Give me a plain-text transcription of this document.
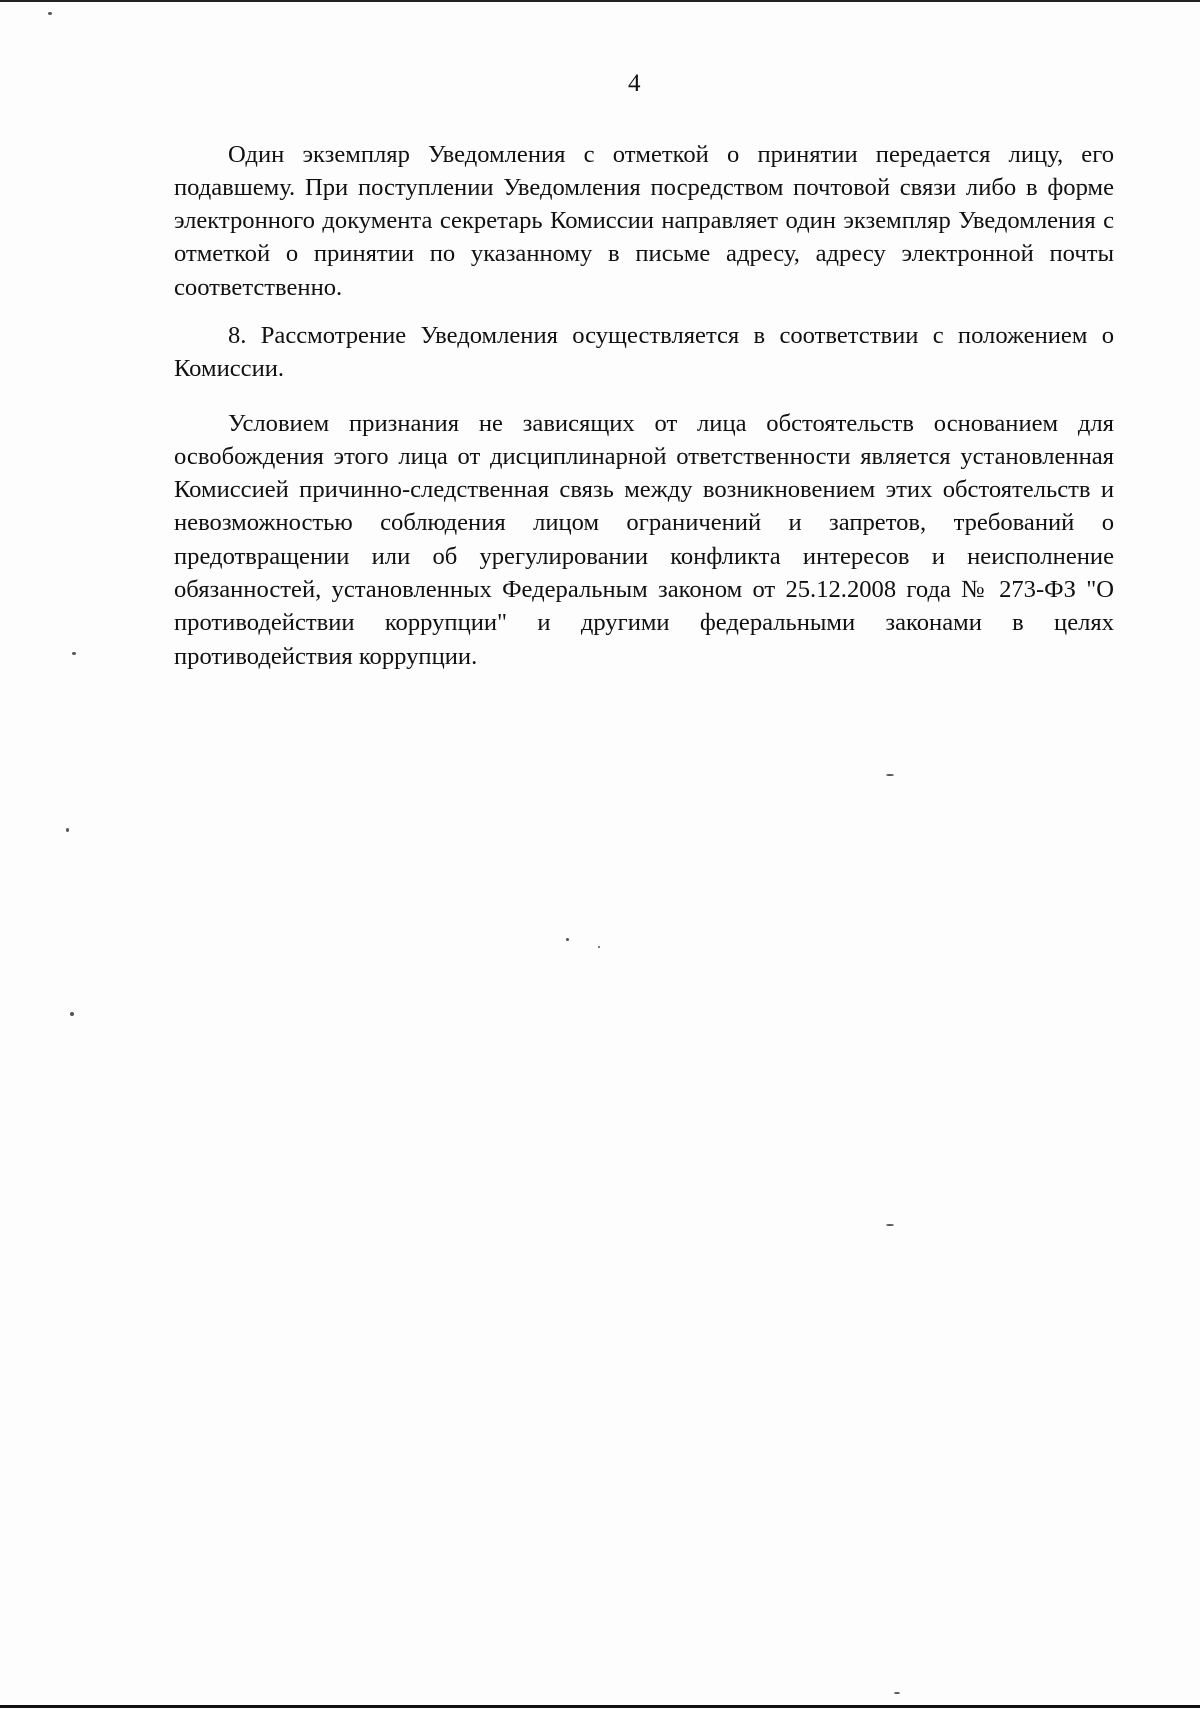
4

Один экземпляр Уведомления с отметкой о принятии передается лицу, его подавшему. При поступлении Уведомления посредством почтовой связи либо в форме электронного документа секретарь Комиссии направляет один экземпляр Уведомления с отметкой о принятии по указанному в письме адресу, адресу электронной почты соответственно.

8. Рассмотрение Уведомления осуществляется в соответствии с положением о Комиссии.

Условием признания не зависящих от лица обстоятельств основанием для освобождения этого лица от дисциплинарной ответственности является установленная Комиссией причинно-следственная связь между возникновением этих обстоятельств и невозможностью соблюдения лицом ограничений и запретов, требований о предотвращении или об урегулировании конфликта интересов и неисполнение обязанностей, установленных Федеральным законом от 25.12.2008 года № 273-ФЗ "О противодействии коррупции" и другими федеральными законами в целях противодействия коррупции.
